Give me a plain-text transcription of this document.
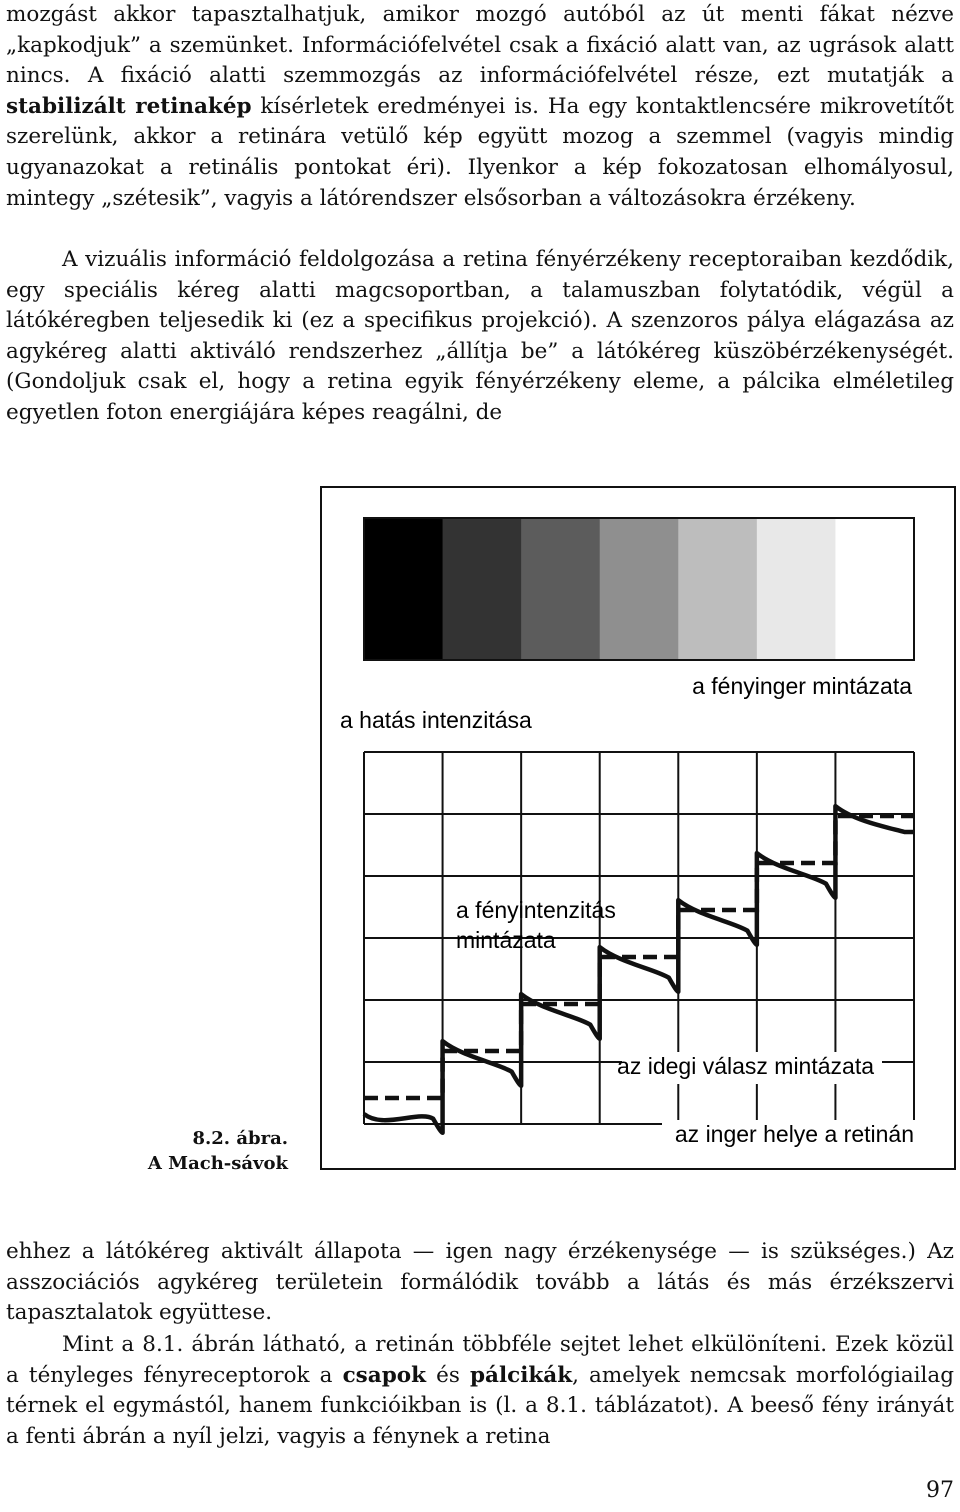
mozgást akkor tapasztalhatjuk, amikor mozgó autóból az út menti fákat nézve „kapkodjuk” a szemünket. Információfelvétel csak a fixáció alatt van, az ugrások alatt nincs. A fixáció alatti szemmozgás az információfelvétel része, ezt mutatják a stabilizált retinakép kísérletek eredményei is. Ha egy kontaktlencsére mikrovetítőt szerelünk, akkor a retinára vetülő kép együtt mozog a szemmel (vagyis mindig ugyanazokat a retinális pontokat éri). Ilyenkor a kép fokozatosan elhomályosul, mintegy „szétesik”, vagyis a látórendszer elsősorban a változásokra érzékeny.

A vizuális információ feldolgozása a retina fényérzékeny receptoraiban kezdődik, egy speciális kéreg alatti magcsoportban, a talamuszban folytatódik, végül a látókéregben teljesedik ki (ez a specifikus projekció). A szenzoros pálya elágazása az agykéreg alatti aktiváló rendszerhez „állítja be” a látókéreg küszöbérzékenységét. (Gondoljuk csak el, hogy a retina egyik fényérzékeny eleme, a pálcika elméletileg egyetlen foton energiájára képes reagálni, de

a fényinger mintázata
a hatás intenzitása
a fényintenzitás
mintázata
az idegi válasz mintázata
az inger helye a retinán
8.2. ábra.
A Mach-sávok

ehhez a látókéreg aktivált állapota — igen nagy érzékenysége — is szükséges.) Az asszociációs agykéreg területein formálódik tovább a látás és más érzékszervi tapasztalatok együttese.

Mint a 8.1. ábrán látható, a retinán többféle sejtet lehet elkülöníteni. Ezek közül a tényleges fényreceptorok a csapok és pálcikák, amelyek nemcsak morfológiailag térnek el egymástól, hanem funkcióikban is (l. a 8.1. táblázatot). A beeső fény irányát a fenti ábrán a nyíl jelzi, vagyis a fénynek a retina

97
